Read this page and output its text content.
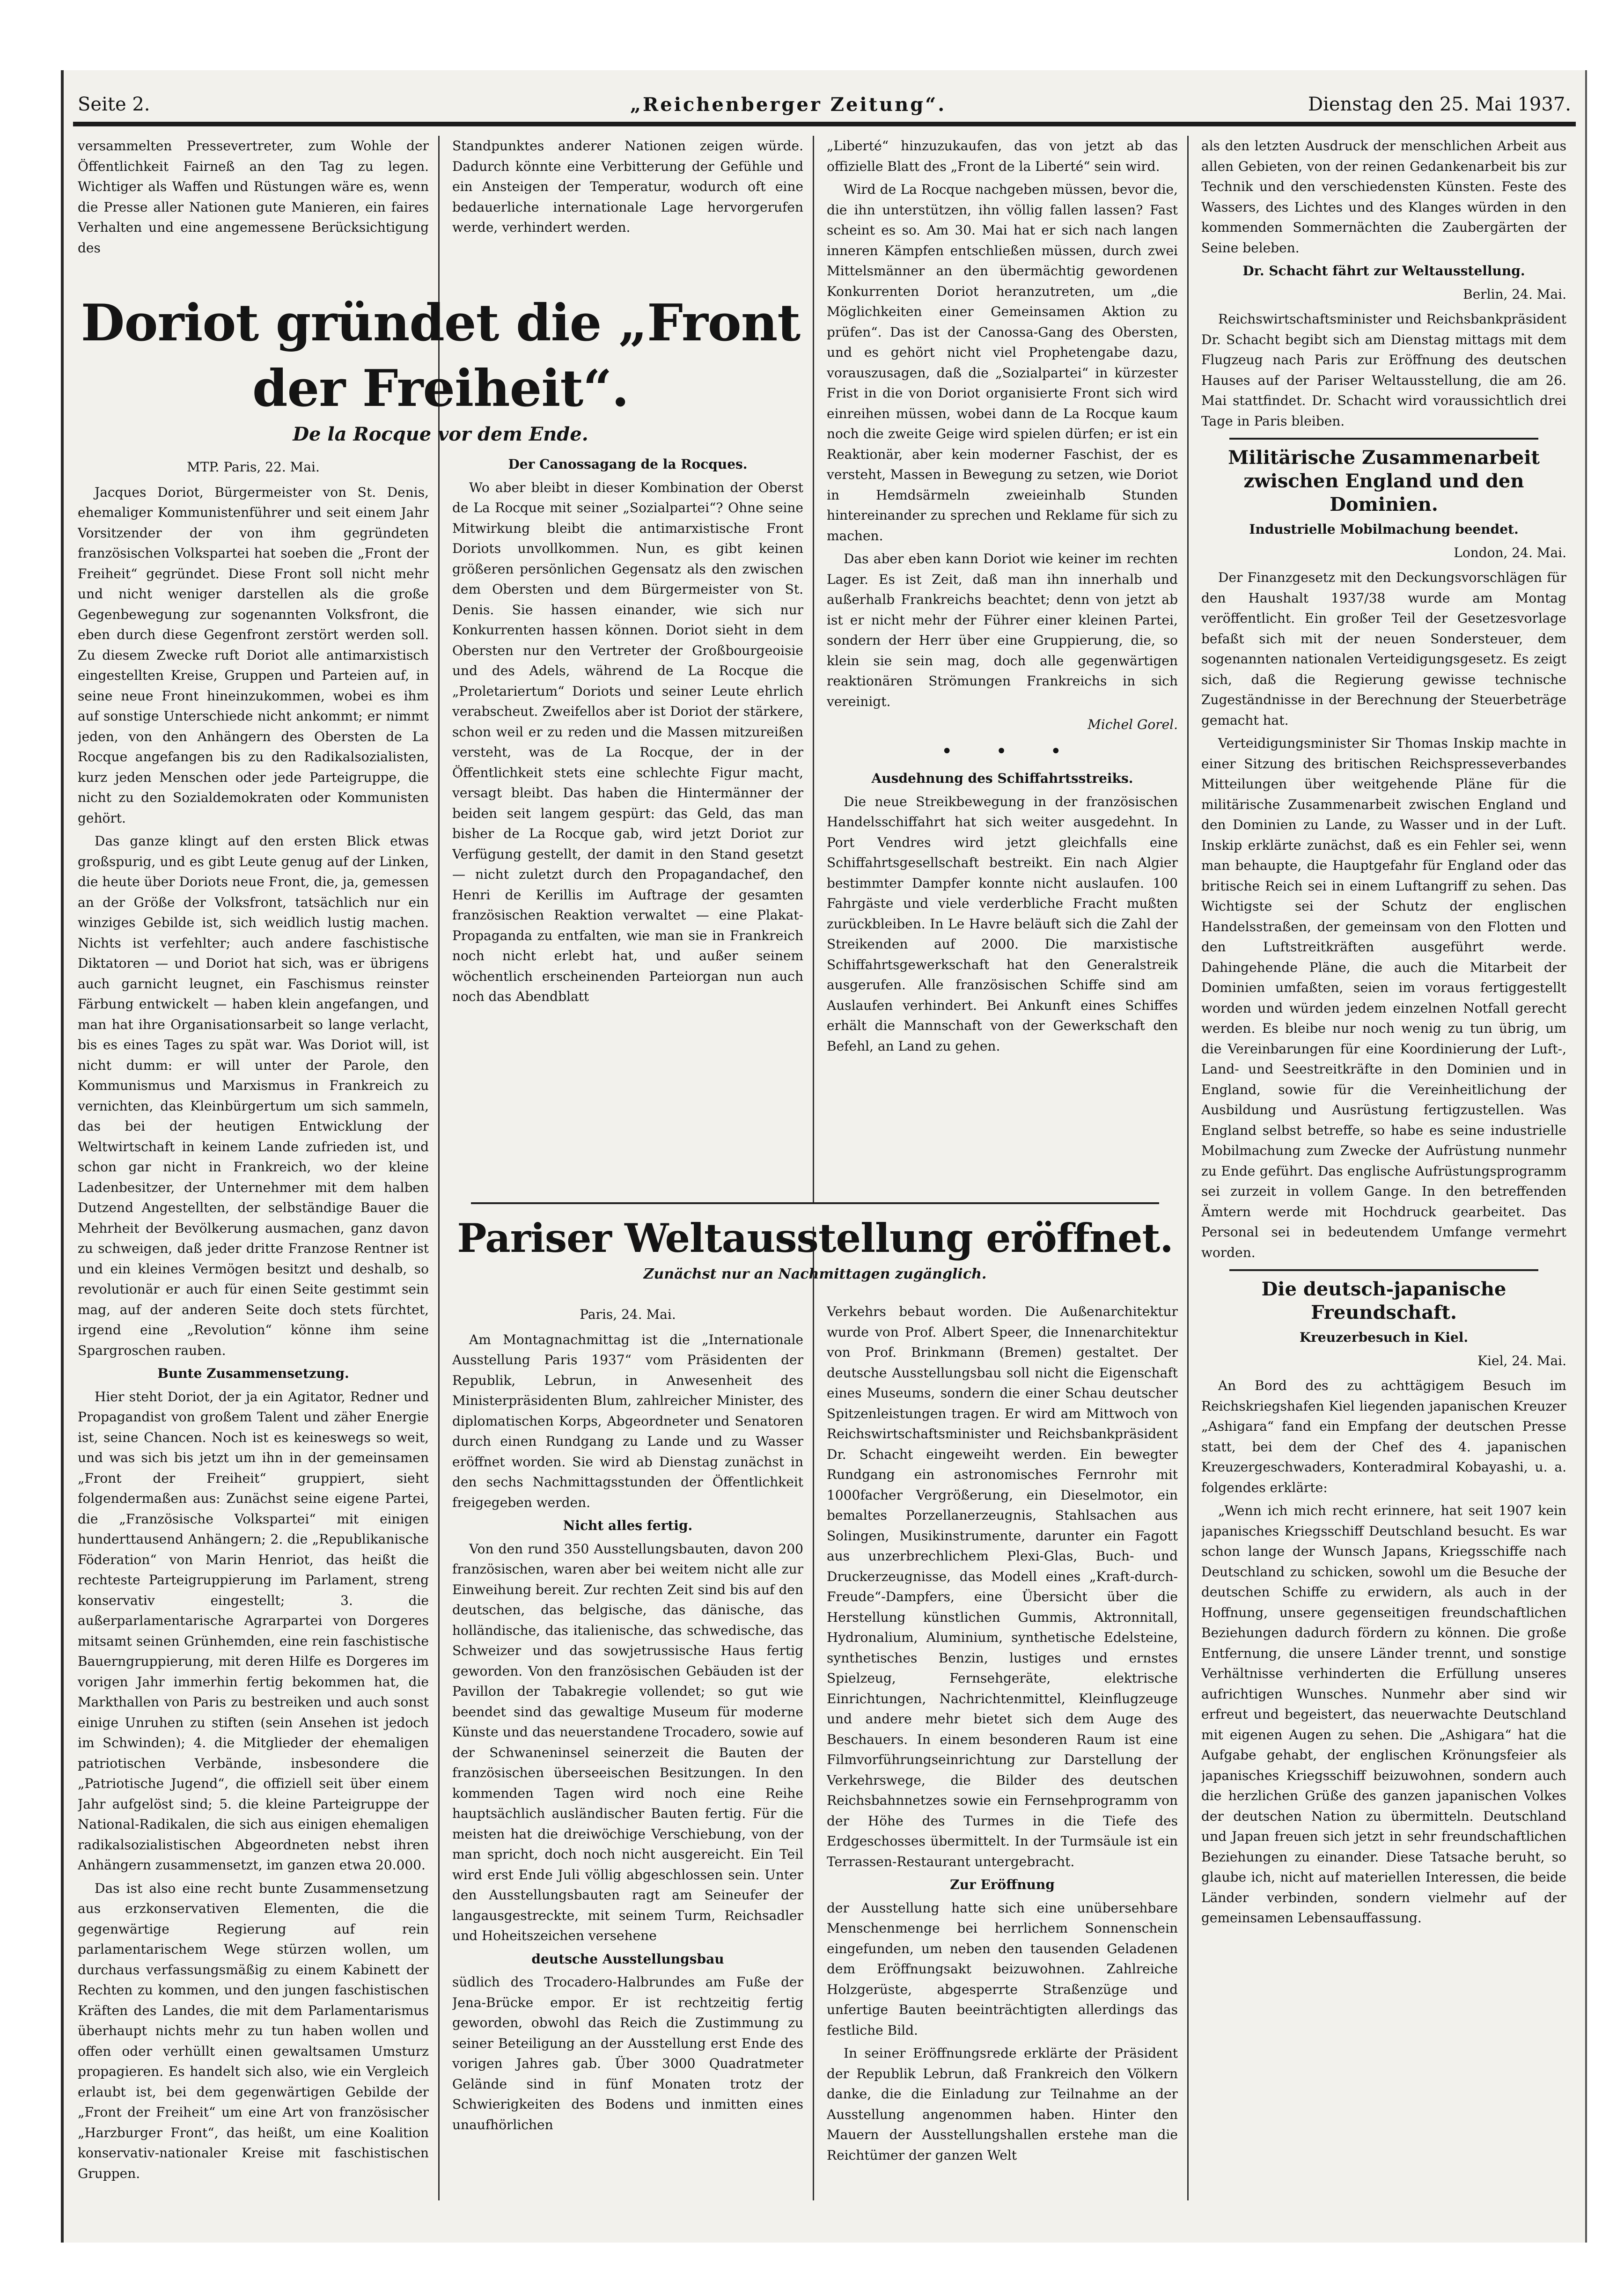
Seite 2.	„Reichenberger Zeitung“.	Dienstag den 25. Mai 1937.

versammelten Pressevertreter, zum Wohle der Öffentlichkeit Fairneß an den Tag zu legen. Wichtiger als Waffen und Rüstungen wäre es, wenn die Presse aller Nationen gute Manieren, ein faires Verhalten und eine angemessene Berücksichtigung des

Standpunktes anderer Nationen zeigen würde. Dadurch könnte eine Verbitterung der Gefühle und ein Ansteigen der Temperatur, wodurch oft eine bedauerliche internationale Lage hervorgerufen werde, verhindert werden.

Doriot gründet die „Front der Freiheit“.

De la Rocque vor dem Ende.

MTP. Paris, 22. Mai.

Jacques Doriot, Bürgermeister von St. Denis, ehemaliger Kommunistenführer und seit einem Jahr Vorsitzender der von ihm gegründeten französischen Volkspartei hat soeben die „Front der Freiheit“ gegründet. Diese Front soll nicht mehr und nicht weniger darstellen als die große Gegenbewegung zur sogenannten Volksfront, die eben durch diese Gegenfront zerstört werden soll. Zu diesem Zwecke ruft Doriot alle antimarxistisch eingestellten Kreise, Gruppen und Parteien auf, in seine neue Front hineinzukommen, wobei es ihm auf sonstige Unterschiede nicht ankommt; er nimmt jeden, von den Anhängern des Obersten de La Rocque angefangen bis zu den Radikalsozialisten, kurz jeden Menschen oder jede Parteigruppe, die nicht zu den Sozialdemokraten oder Kommunisten gehört.

Das ganze klingt auf den ersten Blick etwas großspurig, und es gibt Leute genug auf der Linken, die heute über Doriots neue Front, die, ja, gemessen an der Größe der Volksfront, tatsächlich nur ein winziges Gebilde ist, sich weidlich lustig machen. Nichts ist verfehlter; auch andere faschistische Diktatoren — und Doriot hat sich, was er übrigens auch garnicht leugnet, ein Faschismus reinster Färbung entwickelt — haben klein angefangen, und man hat ihre Organisationsarbeit so lange verlacht, bis es eines Tages zu spät war. Was Doriot will, ist nicht dumm: er will unter der Parole, den Kommunismus und Marxismus in Frankreich zu vernichten, das Kleinbürgertum um sich sammeln, das bei der heutigen Entwicklung der Weltwirtschaft in keinem Lande zufrieden ist, und schon gar nicht in Frankreich, wo der kleine Ladenbesitzer, der Unternehmer mit dem halben Dutzend Angestellten, der selbständige Bauer die Mehrheit der Bevölkerung ausmachen, ganz davon zu schweigen, daß jeder dritte Franzose Rentner ist und ein kleines Vermögen besitzt und deshalb, so revolutionär er auch für einen Seite gestimmt sein mag, auf der anderen Seite doch stets fürchtet, irgend eine „Revolution“ könne ihm seine Spargroschen rauben.

Bunte Zusammensetzung.

Hier steht Doriot, der ja ein Agitator, Redner und Propagandist von großem Talent und zäher Energie ist, seine Chancen. Noch ist es keineswegs so weit, und was sich bis jetzt um ihn in der gemeinsamen „Front der Freiheit“ gruppiert, sieht folgendermaßen aus: Zunächst seine eigene Partei, die „Französische Volkspartei“ mit einigen hunderttausend Anhängern; 2. die „Republikanische Föderation“ von Marin Henriot, das heißt die rechteste Parteigruppierung im Parlament, streng konservativ eingestellt; 3. die außerparlamentarische Agrarpartei von Dorgeres mitsamt seinen Grünhemden, eine rein faschistische Bauerngruppierung, mit deren Hilfe es Dorgeres im vorigen Jahr immerhin fertig bekommen hat, die Markthallen von Paris zu bestreiken und auch sonst einige Unruhen zu stiften (sein Ansehen ist jedoch im Schwinden); 4. die Mitglieder der ehemaligen patriotischen Verbände, insbesondere die „Patriotische Jugend“, die offiziell seit über einem Jahr aufgelöst sind; 5. die kleine Parteigruppe der National-Radikalen, die sich aus einigen ehemaligen radikalsozialistischen Abgeordneten nebst ihren Anhängern zusammensetzt, im ganzen etwa 20.000.

Das ist also eine recht bunte Zusammensetzung aus erzkonservativen Elementen, die die gegenwärtige Regierung auf rein parlamentarischem Wege stürzen wollen, um durchaus verfassungsmäßig zu einem Kabinett der Rechten zu kommen, und den jungen faschistischen Kräften des Landes, die mit dem Parlamentarismus überhaupt nichts mehr zu tun haben wollen und offen oder verhüllt einen gewaltsamen Umsturz propagieren. Es handelt sich also, wie ein Vergleich erlaubt ist, bei dem gegenwärtigen Gebilde der „Front der Freiheit“ um eine Art von französischer „Harzburger Front“, das heißt, um eine Koalition konservativ-nationaler Kreise mit faschistischen Gruppen.

Der Canossagang de la Rocques.

Wo aber bleibt in dieser Kombination der Oberst de La Rocque mit seiner „Sozialpartei“? Ohne seine Mitwirkung bleibt die antimarxistische Front Doriots unvollkommen. Nun, es gibt keinen größeren persönlichen Gegensatz als den zwischen dem Obersten und dem Bürgermeister von St. Denis. Sie hassen einander, wie sich nur Konkurrenten hassen können. Doriot sieht in dem Obersten nur den Vertreter der Großbourgeoisie und des Adels, während de La Rocque die „Proletariertum“ Doriots und seiner Leute ehrlich verabscheut. Zweifellos aber ist Doriot der stärkere, schon weil er zu reden und die Massen mitzureißen versteht, was de La Rocque, der in der Öffentlichkeit stets eine schlechte Figur macht, versagt bleibt. Das haben die Hintermänner der beiden seit langem gespürt: das Geld, das man bisher de La Rocque gab, wird jetzt Doriot zur Verfügung gestellt, der damit in den Stand gesetzt — nicht zuletzt durch den Propagandachef, den Henri de Kerillis im Auftrage der gesamten französischen Reaktion verwaltet — eine Plakat-Propaganda zu entfalten, wie man sie in Frankreich noch nicht erlebt hat, und außer seinem wöchentlich erscheinenden Parteiorgan nun auch noch das Abendblatt

„Liberté“ hinzuzukaufen, das von jetzt ab das offizielle Blatt des „Front de la Liberté“ sein wird.

Wird de La Rocque nachgeben müssen, bevor die, die ihn unterstützen, ihn völlig fallen lassen? Fast scheint es so. Am 30. Mai hat er sich nach langen inneren Kämpfen entschließen müssen, durch zwei Mittelsmänner an den übermächtig gewordenen Konkurrenten Doriot heranzutreten, um „die Möglichkeiten einer Gemeinsamen Aktion zu prüfen“. Das ist der Canossa-Gang des Obersten, und es gehört nicht viel Prophetengabe dazu, vorauszusagen, daß die „Sozialpartei“ in kürzester Frist in die von Doriot organisierte Front sich wird einreihen müssen, wobei dann de La Rocque kaum noch die zweite Geige wird spielen dürfen; er ist ein Reaktionär, aber kein moderner Faschist, der es versteht, Massen in Bewegung zu setzen, wie Doriot in Hemdsärmeln zweieinhalb Stunden hintereinander zu sprechen und Reklame für sich zu machen.

Das aber eben kann Doriot wie keiner im rechten Lager. Es ist Zeit, daß man ihn innerhalb und außerhalb Frankreichs beachtet; denn von jetzt ab ist er nicht mehr der Führer einer kleinen Partei, sondern der Herr über eine Gruppierung, die, so klein sie sein mag, doch alle gegenwärtigen reaktionären Strömungen Frankreichs in sich vereinigt.

Michel Gorel.

• • •

Ausdehnung des Schiffahrtsstreiks.

Die neue Streikbewegung in der französischen Handelsschiffahrt hat sich weiter ausgedehnt. In Port Vendres wird jetzt gleichfalls eine Schiffahrtsgesellschaft bestreikt. Ein nach Algier bestimmter Dampfer konnte nicht auslaufen. 100 Fahrgäste und viele verderbliche Fracht mußten zurückbleiben. In Le Havre beläuft sich die Zahl der Streikenden auf 2000. Die marxistische Schiffahrtsgewerkschaft hat den Generalstreik ausgerufen. Alle französischen Schiffe sind am Auslaufen verhindert. Bei Ankunft eines Schiffes erhält die Mannschaft von der Gewerkschaft den Befehl, an Land zu gehen.

Pariser Weltausstellung eröffnet.

Zunächst nur an Nachmittagen zugänglich.

Paris, 24. Mai.

Am Montagnachmittag ist die „Internationale Ausstellung Paris 1937“ vom Präsidenten der Republik, Lebrun, in Anwesenheit des Ministerpräsidenten Blum, zahlreicher Minister, des diplomatischen Korps, Abgeordneter und Senatoren durch einen Rundgang zu Lande und zu Wasser eröffnet worden. Sie wird ab Dienstag zunächst in den sechs Nachmittagsstunden der Öffentlichkeit freigegeben werden.

Nicht alles fertig.

Von den rund 350 Ausstellungsbauten, davon 200 französischen, waren aber bei weitem nicht alle zur Einweihung bereit. Zur rechten Zeit sind bis auf den deutschen, das belgische, das dänische, das holländische, das italienische, das schwedische, das Schweizer und das sowjetrussische Haus fertig geworden. Von den französischen Gebäuden ist der Pavillon der Tabakregie vollendet; so gut wie beendet sind das gewaltige Museum für moderne Künste und das neuerstandene Trocadero, sowie auf der Schwaneninsel seinerzeit die Bauten der französischen überseeischen Besitzungen. In den kommenden Tagen wird noch eine Reihe hauptsächlich ausländischer Bauten fertig. Für die meisten hat die dreiwöchige Verschiebung, von der man spricht, doch noch nicht ausgereicht. Ein Teil wird erst Ende Juli völlig abgeschlossen sein. Unter den Ausstellungsbauten ragt am Seineufer der langausgestreckte, mit seinem Turm, Reichsadler und Hoheitszeichen versehene

deutsche Ausstellungsbau

südlich des Trocadero-Halbrundes am Fuße der Jena-Brücke empor. Er ist rechtzeitig fertig geworden, obwohl das Reich die Zustimmung zu seiner Beteiligung an der Ausstellung erst Ende des vorigen Jahres gab. Über 3000 Quadratmeter Gelände sind in fünf Monaten trotz der Schwierigkeiten des Bodens und inmitten eines unaufhörlichen

Verkehrs bebaut worden. Die Außenarchitektur wurde von Prof. Albert Speer, die Innenarchitektur von Prof. Brinkmann (Bremen) gestaltet. Der deutsche Ausstellungsbau soll nicht die Eigenschaft eines Museums, sondern die einer Schau deutscher Spitzenleistungen tragen. Er wird am Mittwoch von Reichswirtschaftsminister und Reichsbankpräsident Dr. Schacht eingeweiht werden. Ein bewegter Rundgang ein astronomisches Fernrohr mit 1000facher Vergrößerung, ein Dieselmotor, ein bemaltes Porzellanerzeugnis, Stahlsachen aus Solingen, Musikinstrumente, darunter ein Fagott aus unzerbrechlichem Plexi-Glas, Buch- und Druckerzeugnisse, das Modell eines „Kraft-durch-Freude“-Dampfers, eine Übersicht über die Herstellung künstlichen Gummis, Aktronnitall, Hydronalium, Aluminium, synthetische Edelsteine, synthetisches Benzin, lustiges und ernstes Spielzeug, Fernsehgeräte, elektrische Einrichtungen, Nachrichtenmittel, Kleinflugzeuge und andere mehr bietet sich dem Auge des Beschauers. In einem besonderen Raum ist eine Filmvorführungseinrichtung zur Darstellung der Verkehrswege, die Bilder des deutschen Reichsbahnnetzes sowie ein Fernsehprogramm von der Höhe des Turmes in die Tiefe des Erdgeschosses übermittelt. In der Turmsäule ist ein Terrassen-Restaurant untergebracht.

Zur Eröffnung

der Ausstellung hatte sich eine unübersehbare Menschenmenge bei herrlichem Sonnenschein eingefunden, um neben den tausenden Geladenen dem Eröffnungsakt beizuwohnen. Zahlreiche Holzgerüste, abgesperrte Straßenzüge und unfertige Bauten beeinträchtigten allerdings das festliche Bild.

In seiner Eröffnungsrede erklärte der Präsident der Republik Lebrun, daß Frankreich den Völkern danke, die die Einladung zur Teilnahme an der Ausstellung angenommen haben. Hinter den Mauern der Ausstellungshallen erstehe man die Reichtümer der ganzen Welt

als den letzten Ausdruck der menschlichen Arbeit aus allen Gebieten, von der reinen Gedankenarbeit bis zur Technik und den verschiedensten Künsten. Feste des Wassers, des Lichtes und des Klanges würden in den kommenden Sommernächten die Zaubergärten der Seine beleben.

Dr. Schacht fährt zur Weltausstellung.

Berlin, 24. Mai.

Reichswirtschaftsminister und Reichsbankpräsident Dr. Schacht begibt sich am Dienstag mittags mit dem Flugzeug nach Paris zur Eröffnung des deutschen Hauses auf der Pariser Weltausstellung, die am 26. Mai stattfindet. Dr. Schacht wird voraussichtlich drei Tage in Paris bleiben.

Militärische Zusammenarbeit zwischen England und den Dominien.

Industrielle Mobilmachung beendet.

London, 24. Mai.

Der Finanzgesetz mit den Deckungsvorschlägen für den Haushalt 1937/38 wurde am Montag veröffentlicht. Ein großer Teil der Gesetzesvorlage befaßt sich mit der neuen Sondersteuer, dem sogenannten nationalen Verteidigungsgesetz. Es zeigt sich, daß die Regierung gewisse technische Zugeständnisse in der Berechnung der Steuerbeträge gemacht hat.

Verteidigungsminister Sir Thomas Inskip machte in einer Sitzung des britischen Reichspresseverbandes Mitteilungen über weitgehende Pläne für die militärische Zusammenarbeit zwischen England und den Dominien zu Lande, zu Wasser und in der Luft. Inskip erklärte zunächst, daß es ein Fehler sei, wenn man behaupte, die Hauptgefahr für England oder das britische Reich sei in einem Luftangriff zu sehen. Das Wichtigste sei der Schutz der englischen Handelsstraßen, der gemeinsam von den Flotten und den Luftstreitkräften ausgeführt werde. Dahingehende Pläne, die auch die Mitarbeit der Dominien umfaßten, seien im voraus fertiggestellt worden und würden jedem einzelnen Notfall gerecht werden. Es bleibe nur noch wenig zu tun übrig, um die Vereinbarungen für eine Koordinierung der Luft-, Land- und Seestreitkräfte in den Dominien und in England, sowie für die Vereinheitlichung der Ausbildung und Ausrüstung fertigzustellen. Was England selbst betreffe, so habe es seine industrielle Mobilmachung zum Zwecke der Aufrüstung nunmehr zu Ende geführt. Das englische Aufrüstungsprogramm sei zurzeit in vollem Gange. In den betreffenden Ämtern werde mit Hochdruck gearbeitet. Das Personal sei in bedeutendem Umfange vermehrt worden.

Die deutsch-japanische Freundschaft.

Kreuzerbesuch in Kiel.

Kiel, 24. Mai.

An Bord des zu achttägigem Besuch im Reichskriegshafen Kiel liegenden japanischen Kreuzer „Ashigara“ fand ein Empfang der deutschen Presse statt, bei dem der Chef des 4. japanischen Kreuzergeschwaders, Konteradmiral Kobayashi, u. a. folgendes erklärte:

„Wenn ich mich recht erinnere, hat seit 1907 kein japanisches Kriegsschiff Deutschland besucht. Es war schon lange der Wunsch Japans, Kriegsschiffe nach Deutschland zu schicken, sowohl um die Besuche der deutschen Schiffe zu erwidern, als auch in der Hoffnung, unsere gegenseitigen freundschaftlichen Beziehungen dadurch fördern zu können. Die große Entfernung, die unsere Länder trennt, und sonstige Verhältnisse verhinderten die Erfüllung unseres aufrichtigen Wunsches. Nunmehr aber sind wir erfreut und begeistert, das neuerwachte Deutschland mit eigenen Augen zu sehen. Die „Ashigara“ hat die Aufgabe gehabt, der englischen Krönungsfeier als japanisches Kriegsschiff beizuwohnen, sondern auch die herzlichen Grüße des ganzen japanischen Volkes der deutschen Nation zu übermitteln. Deutschland und Japan freuen sich jetzt in sehr freundschaftlichen Beziehungen zu einander. Diese Tatsache beruht, so glaube ich, nicht auf materiellen Interessen, die beide Länder verbinden, sondern vielmehr auf der gemeinsamen Lebensauffassung.
